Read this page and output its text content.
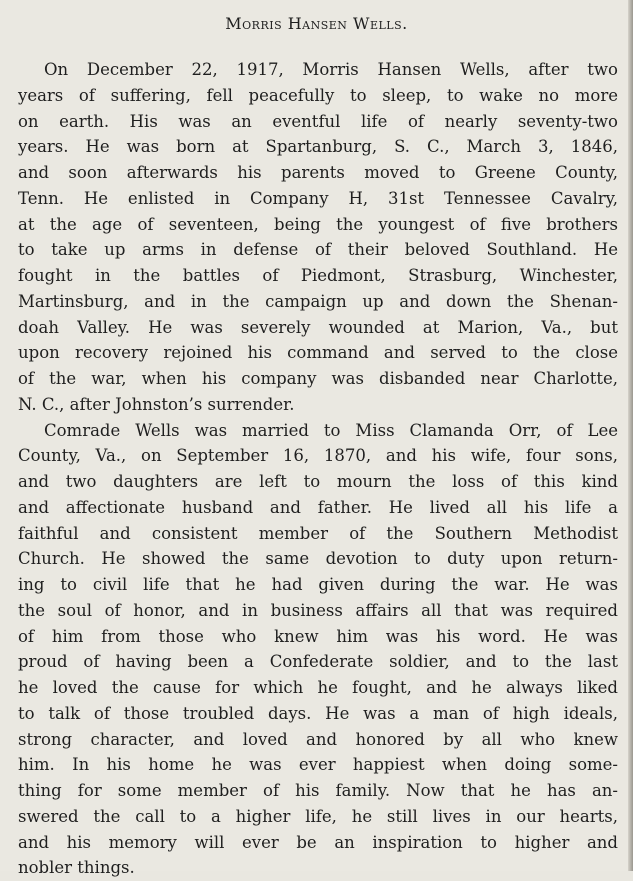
Morris Hansen Wells.
On December 22, 1917, Morris Hansen Wells, after two
years of suffering, fell peacefully to sleep, to wake no more
on earth. His was an eventful life of nearly seventy-two
years. He was born at Spartanburg, S. C., March 3, 1846,
and soon afterwards his parents moved to Greene County,
Tenn. He enlisted in Company H, 31st Tennessee Cavalry,
at the age of seventeen, being the youngest of five brothers
to take up arms in defense of their beloved Southland. He
fought in the battles of Piedmont, Strasburg, Winchester,
Martinsburg, and in the campaign up and down the Shenan-
doah Valley. He was severely wounded at Marion, Va., but
upon recovery rejoined his command and served to the close
of the war, when his company was disbanded near Charlotte,
N. C., after Johnston’s surrender.
Comrade Wells was married to Miss Clamanda Orr, of Lee
County, Va., on September 16, 1870, and his wife, four sons,
and two daughters are left to mourn the loss of this kind
and affectionate husband and father. He lived all his life a
faithful and consistent member of the Southern Methodist
Church. He showed the same devotion to duty upon return-
ing to civil life that he had given during the war. He was
the soul of honor, and in business affairs all that was required
of him from those who knew him was his word. He was
proud of having been a Confederate soldier, and to the last
he loved the cause for which he fought, and he always liked
to talk of those troubled days. He was a man of high ideals,
strong character, and loved and honored by all who knew
him. In his home he was ever happiest when doing some-
thing for some member of his family. Now that he has an-
swered the call to a higher life, he still lives in our hearts,
and his memory will ever be an inspiration to higher and
nobler things.
